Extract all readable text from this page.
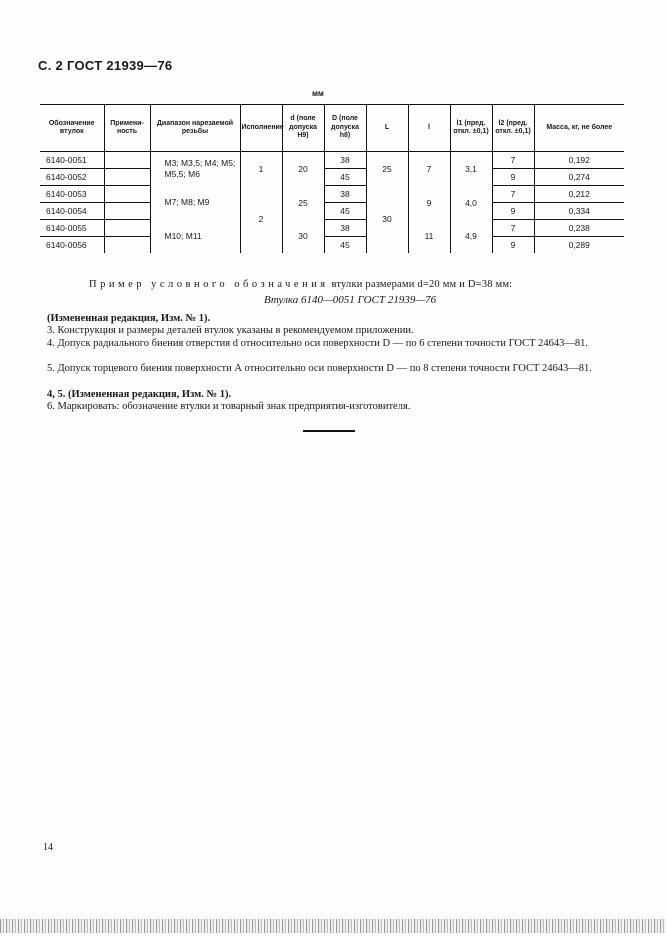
С. 2 ГОСТ 21939—76
мм
Обозначение втулок	Примени-ность	Диапазон нарезаемой резьбы	Исполнение	d (поле допуска H9)	D (поле допуска h8)	L	l	l1 (пред. откл. ±0,1)	l2 (пред. откл. ±0,1)	Масса, кг, не более
6140-0051		М3; М3,5; М4; М5; М5,5; М6	1	20	38	25	7	3,1	7	0,192
6140-0052					45				9	0,274
6140-0053		М7; М8; М9	2	25	38	30	9	4,0	7	0,212
6140-0054					45				9	0,334
6140-0055		М10; М11		30	38		11	4,9	7	0,238
6140-0056					45				9	0,289
Пример условного обозначения втулки размерами d=20 мм и D=38 мм:
Втулка 6140—0051 ГОСТ 21939—76
(Измененная редакция, Изм. № 1).
3. Конструкция и размеры деталей втулок указаны в рекомендуемом приложении.
4. Допуск радиального биения отверстия d относительно оси поверхности D — по 6 степени точности ГОСТ 24643—81.
5. Допуск торцевого биения поверхности А относительно оси поверхности D — по 8 степени точности ГОСТ 24643—81.
4, 5. (Измененная редакция, Изм. № 1).
6. Маркировать: обозначение втулки и товарный знак предприятия-изготовителя.
14
